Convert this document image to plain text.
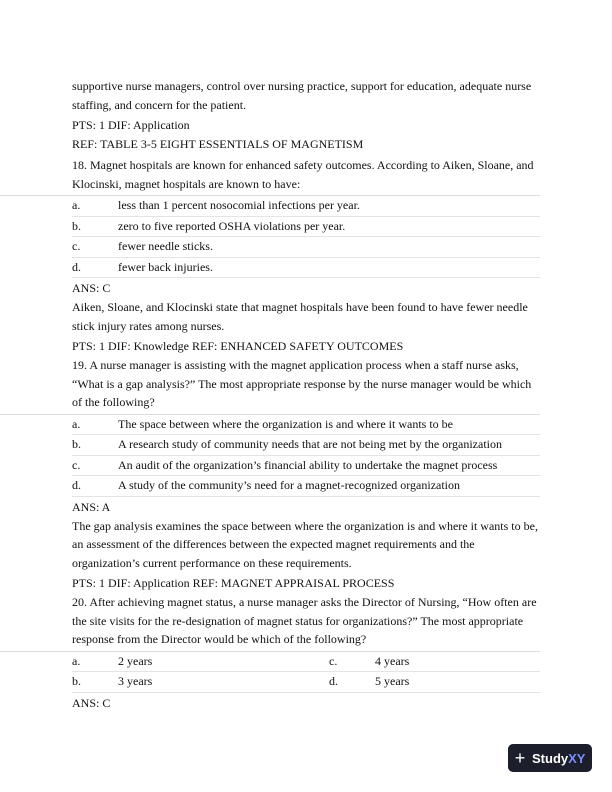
supportive nurse managers, control over nursing practice, support for education, adequate nurse staffing, and concern for the patient.

PTS: 1 DIF: Application

REF: TABLE 3-5 EIGHT ESSENTIALS OF MAGNETISM

18. Magnet hospitals are known for enhanced safety outcomes. According to Aiken, Sloane, and Klocinski, magnet hospitals are known to have:

a.	less than 1 percent nosocomial infections per year.
b.	zero to five reported OSHA violations per year.
c.	fewer needle sticks.
d.	fewer back injuries.

ANS: C

Aiken, Sloane, and Klocinski state that magnet hospitals have been found to have fewer needle stick injury rates among nurses.

PTS: 1 DIF: Knowledge REF: ENHANCED SAFETY OUTCOMES

19. A nurse manager is assisting with the magnet application process when a staff nurse asks, “What is a gap analysis?” The most appropriate response by the nurse manager would be which of the following?

a.	The space between where the organization is and where it wants to be
b.	A research study of community needs that are not being met by the organization
c.	An audit of the organization’s financial ability to undertake the magnet process
d.	A study of the community’s need for a magnet-recognized organization

ANS: A

The gap analysis examines the space between where the organization is and where it wants to be, an assessment of the differences between the expected magnet requirements and the organization’s current performance on these requirements.

PTS: 1 DIF: Application REF: MAGNET APPRAISAL PROCESS

20. After achieving magnet status, a nurse manager asks the Director of Nursing, “How often are the site visits for the re-designation of magnet status for organizations?” The most appropriate response from the Director would be which of the following?

a.	2 years	c.	4 years
b.	3 years	d.	5 years

ANS: C

+ Study XY
